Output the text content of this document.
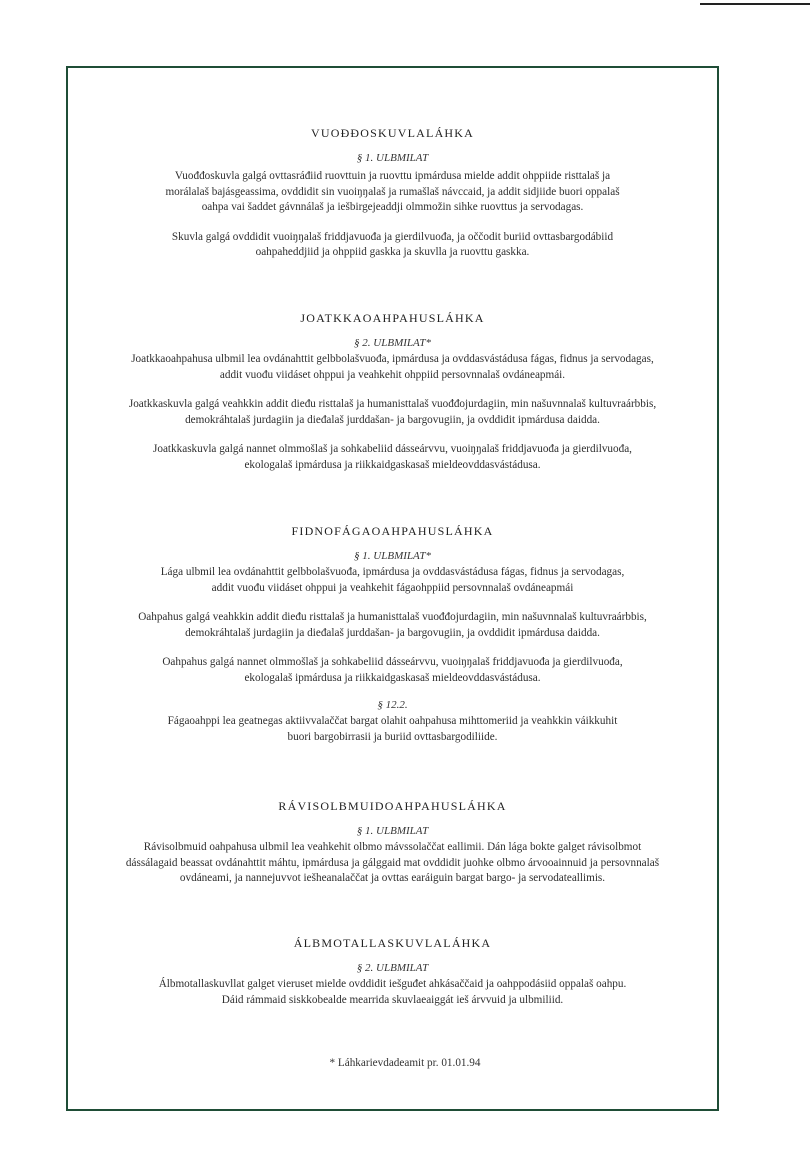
VUOĐĐOSKUVLALÁHKA
§ 1. ULBMILAT

Vuođđoskuvla galgá ovttasráđiid ruovttuin ja ruovttu ipmárdusa mielde addit ohppiide risttalaš ja
morálalaš bajásgeassima, ovddidit sin vuoiŋŋalaš ja rumašlaš návccaid, ja addit sidjiide buori oppalaš
oahpa vai šaddet gávnnálaš ja iešbirgejeaddji olmmožin sihke ruovttus ja servodagas.

Skuvla galgá ovddidit vuoiŋŋalaš friddjavuođa ja gierdilvuođa, ja oččodit buriid ovttasbargodábiid
oahpaheddjiid ja ohppiid gaskka ja skuvlla ja ruovttu gaskka.

JOATKKAOAHPAHUSLÁHKA
§ 2. ULBMILAT*

Joatkkaoahpahusa ulbmil lea ovdánahttit gelbbolašvuođa, ipmárdusa ja ovddasvástádusa fágas, fidnus ja servodagas,
addit vuođu viidáset ohppui ja veahkehit ohppiid persovnnalaš ovdáneapmái.

Joatkkaskuvla galgá veahkkin addit dieđu risttalaš ja humanisttalaš vuođđojurdagiin, min našuvnnalaš kultuvraárbbis,
demokráhtalaš jurdagiin ja dieđalaš jurddašan- ja bargovugiin, ja ovddidit ipmárdusa daidda.

Joatkkaskuvla galgá nannet olmmošlaš ja sohkabeliid dásseárvvu, vuoiŋŋalaš friddjavuođa ja gierdilvuođa,
ekologalaš ipmárdusa ja riikkaidgaskasaš mieldeovddasvástádusa.

FIDNOFÁGAOAHPAHUSLÁHKA
§ 1. ULBMILAT*

Lága ulbmil lea ovdánahttit gelbbolašvuođa, ipmárdusa ja ovddasvástádusa fágas, fidnus ja servodagas,
addit vuođu viidáset ohppui ja veahkehit fágaohppiid persovnnalaš ovdáneapmái

Oahpahus galgá veahkkin addit dieđu risttalaš ja humanisttalaš vuođđojurdagiin, min našuvnnalaš kultuvraárbbis,
demokráhtalaš jurdagiin ja dieđalaš jurddašan- ja bargovugiin, ja ovddidit ipmárdusa daidda.

Oahpahus galgá nannet olmmošlaš ja sohkabeliid dásseárvvu, vuoiŋŋalaš friddjavuođa ja gierdilvuođa,
ekologalaš ipmárdusa ja riikkaidgaskasaš mieldeovddasvástádusa.

§ 12.2.

Fágaoahppi lea geatnegas aktiivvalaččat bargat olahit oahpahusa mihttomeriid ja veahkkin váikkuhit
buori bargobirrasii ja buriid ovttasbargodiliide.

RÁVISOLBMUIDOAHPAHUSLÁHKA
§ 1. ULBMILAT

Rávisolbmuid oahpahusa ulbmil lea veahkehit olbmo mávssolaččat eallimii. Dán lága bokte galget rávisolbmot
dássálagaid beassat ovdánahttit máhtu, ipmárdusa ja gálggaid mat ovddidit juohke olbmo árvooainnuid ja persovnnalaš
ovdáneami, ja nannejuvvot iešheanalaččat ja ovttas earáiguin bargat bargo- ja servodateallimis.

ÁLBMOTALLASKUVLALÁHKA
§ 2. ULBMILAT

Álbmotallaskuvllat galget vieruset mielde ovddidit iešguđet ahkásaččaid ja oahppodásiid oppalaš oahpu.
Dáid rámmaid siskkobealde mearrida skuvlaeaiggát ieš árvvuid ja ulbmiliid.

* Láhkarievdadeamit pr. 01.01.94
